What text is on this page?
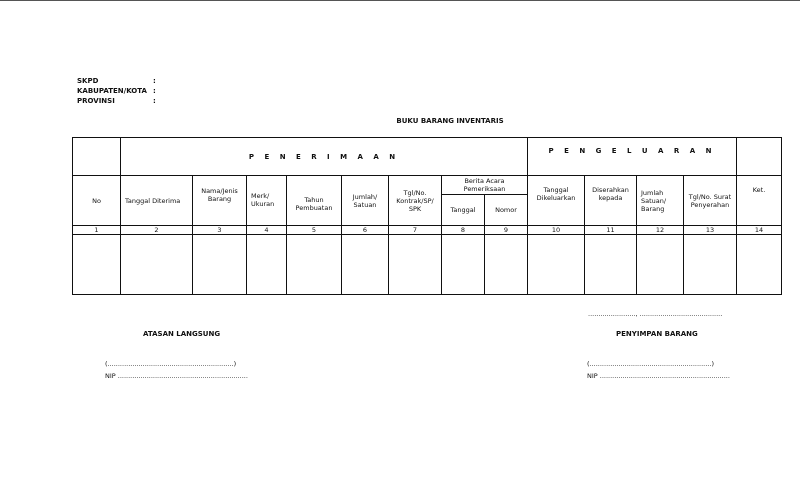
SKPD	:
KABUPATEN/KOTA :
PROVINSI	:
BUKU BARANG INVENTARIS
	P E N E R I M A A N								P E N G E L U A R A N				
No	Tanggal Diterima	Nama/Jenis Barang	Merk/ Ukuran	Tahun Pembuatan	Jumlah/ Satuan	Tgl/No. Kontrak/SP/ SPK	Berita Acara Pemeriksaan		Tanggal Dikeluarkan	Diserahkan kepada	Jumlah Satuan/ Barang	Tgl/No. Surat Penyerahan	Ket.
							Tanggal	Nomor					
1	2	3	4	5	6	7	8	9	10	11	12	13	14

......................., ........................................
ATASAN LANGSUNG	PENYIMPAN BARANG
(.............................................................)
NIP ...............................................................
(...........................................................)
NIP ...............................................................
